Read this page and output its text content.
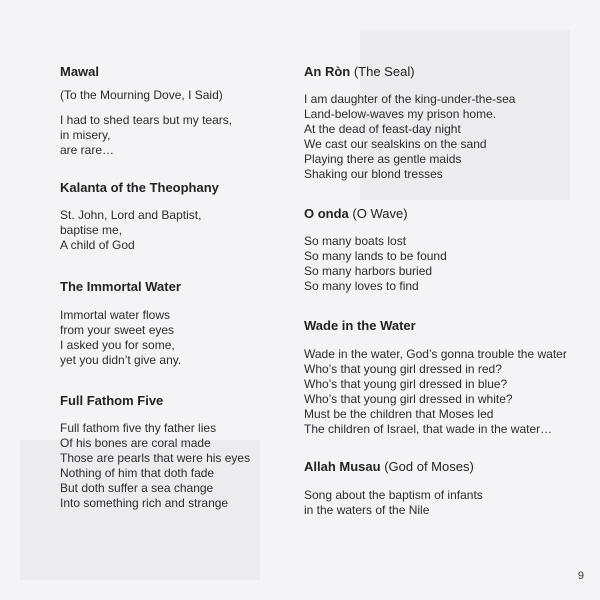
Mawal
(To the Mourning Dove, I Said)
I had to shed tears but my tears,
in misery,
are rare…
Kalanta of the Theophany
St. John, Lord and Baptist,
baptise me,
A child of God
The Immortal Water
Immortal water flows
from your sweet eyes
I asked you for some,
yet you didn’t give any.
Full Fathom Five
Full fathom five thy father lies
Of his bones are coral made
Those are pearls that were his eyes
Nothing of him that doth fade
But doth suffer a sea change
Into something rich and strange
An Ròn (The Seal)
I am daughter of the king-under-the-sea
Land-below-waves my prison home.
At the dead of feast-day night
We cast our sealskins on the sand
Playing there as gentle maids
Shaking our blond tresses
O onda (O Wave)
So many boats lost
So many lands to be found
So many harbors buried
So many loves to find
Wade in the Water
Wade in the water, God’s gonna trouble the water
Who’s that young girl dressed in red?
Who’s that young girl dressed in blue?
Who’s that young girl dressed in white?
Must be the children that Moses led
The children of Israel, that wade in the water…
Allah Musau (God of Moses)
Song about the baptism of infants
in the waters of the Nile
9
